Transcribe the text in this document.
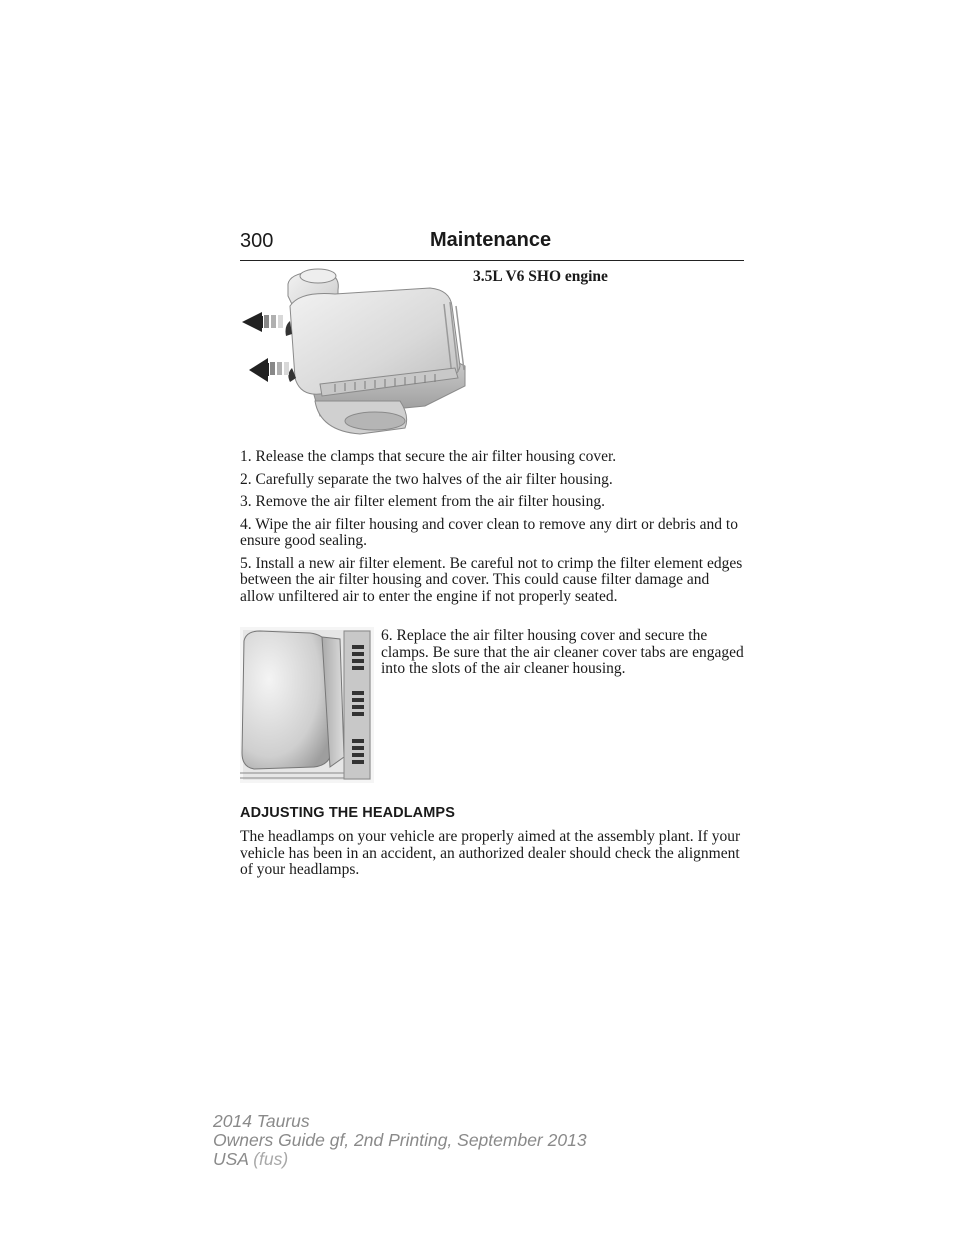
300	Maintenance
3.5L V6 SHO engine

1. Release the clamps that secure the air filter housing cover.

2. Carefully separate the two halves of the air filter housing.

3. Remove the air filter element from the air filter housing.

4. Wipe the air filter housing and cover clean to remove any dirt or debris and to ensure good sealing.

5. Install a new air filter element. Be careful not to crimp the filter element edges between the air filter housing and cover. This could cause filter damage and allow unfiltered air to enter the engine if not properly seated.

6. Replace the air filter housing cover and secure the clamps. Be sure that the air cleaner cover tabs are engaged into the slots of the air cleaner housing.

ADJUSTING THE HEADLAMPS

The headlamps on your vehicle are properly aimed at the assembly plant. If your vehicle has been in an accident, an authorized dealer should check the alignment of your headlamps.

2014 Taurus
Owners Guide gf, 2nd Printing, September 2013
USA (fus)
